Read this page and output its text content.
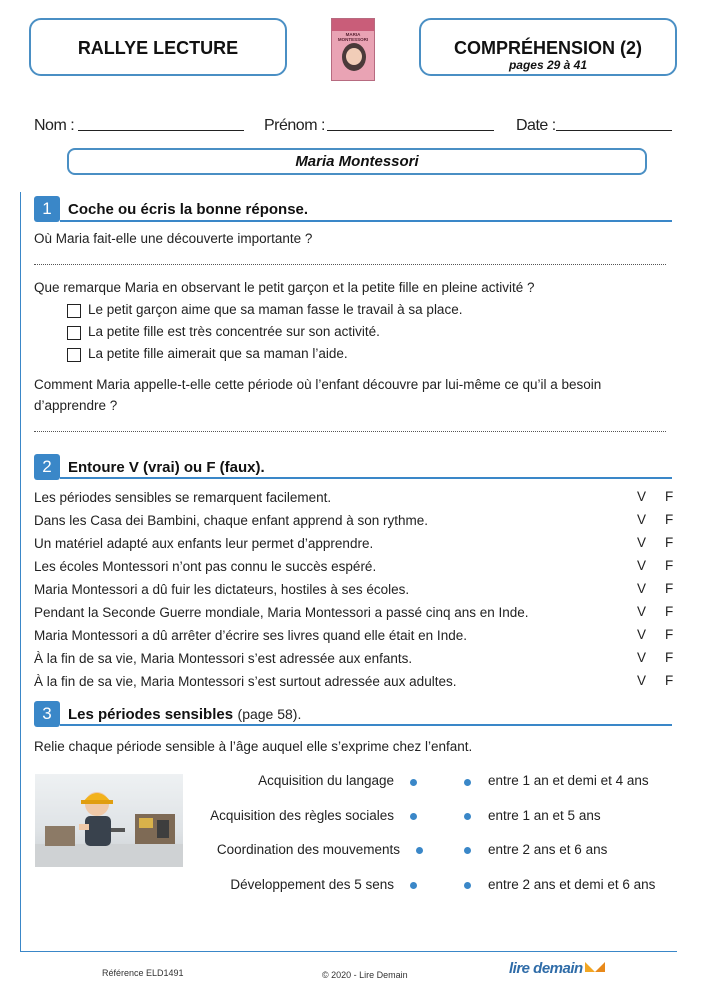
RALLYE LECTURE
MARIA MONTESSORI	COMPRÉHENSION (2)
pages 29 à 41
Nom :	Prénom :	Date :
Maria Montessori
1	Coche ou écris la bonne réponse.
Où Maria fait-elle une découverte importante ?
Que remarque Maria en observant le petit garçon et la petite fille en pleine activité ?
Le petit garçon aime que sa maman fasse le travail à sa place.
La petite fille est très concentrée sur son activité.
La petite fille aimerait que sa maman l’aide.
Comment Maria appelle-t-elle cette période où l’enfant découvre par lui-même ce qu’il a besoin
d’apprendre ?
2	Entoure V (vrai) ou F (faux).
Les périodes sensibles se remarquent facilement.	V F
Dans les Casa dei Bambini, chaque enfant apprend à son rythme.	V F
Un matériel adapté aux enfants leur permet d’apprendre.	V F
Les écoles Montessori n’ont pas connu le succès espéré.	V F
Maria Montessori a dû fuir les dictateurs, hostiles à ses écoles.	V F
Pendant la Seconde Guerre mondiale, Maria Montessori a passé cinq ans en Inde.	V F
Maria Montessori a dû arrêter d’écrire ses livres quand elle était en Inde.	V F
À la fin de sa vie, Maria Montessori s’est adressée aux enfants.	V F
À la fin de sa vie, Maria Montessori s’est surtout adressée aux adultes.	V F
3	Les périodes sensibles (page 58).
Relie chaque période sensible à l’âge auquel elle s’exprime chez l’enfant.
Acquisition du langage
Acquisition des règles sociales
Coordination des mouvements
Développement des 5 sens
entre 1 an et demi et 4 ans
entre 1 an et 5 ans
entre 2 ans et 6 ans
entre 2 ans et demi et 6 ans
Référence ELD1491	© 2020 - Lire Demain	lire demain
